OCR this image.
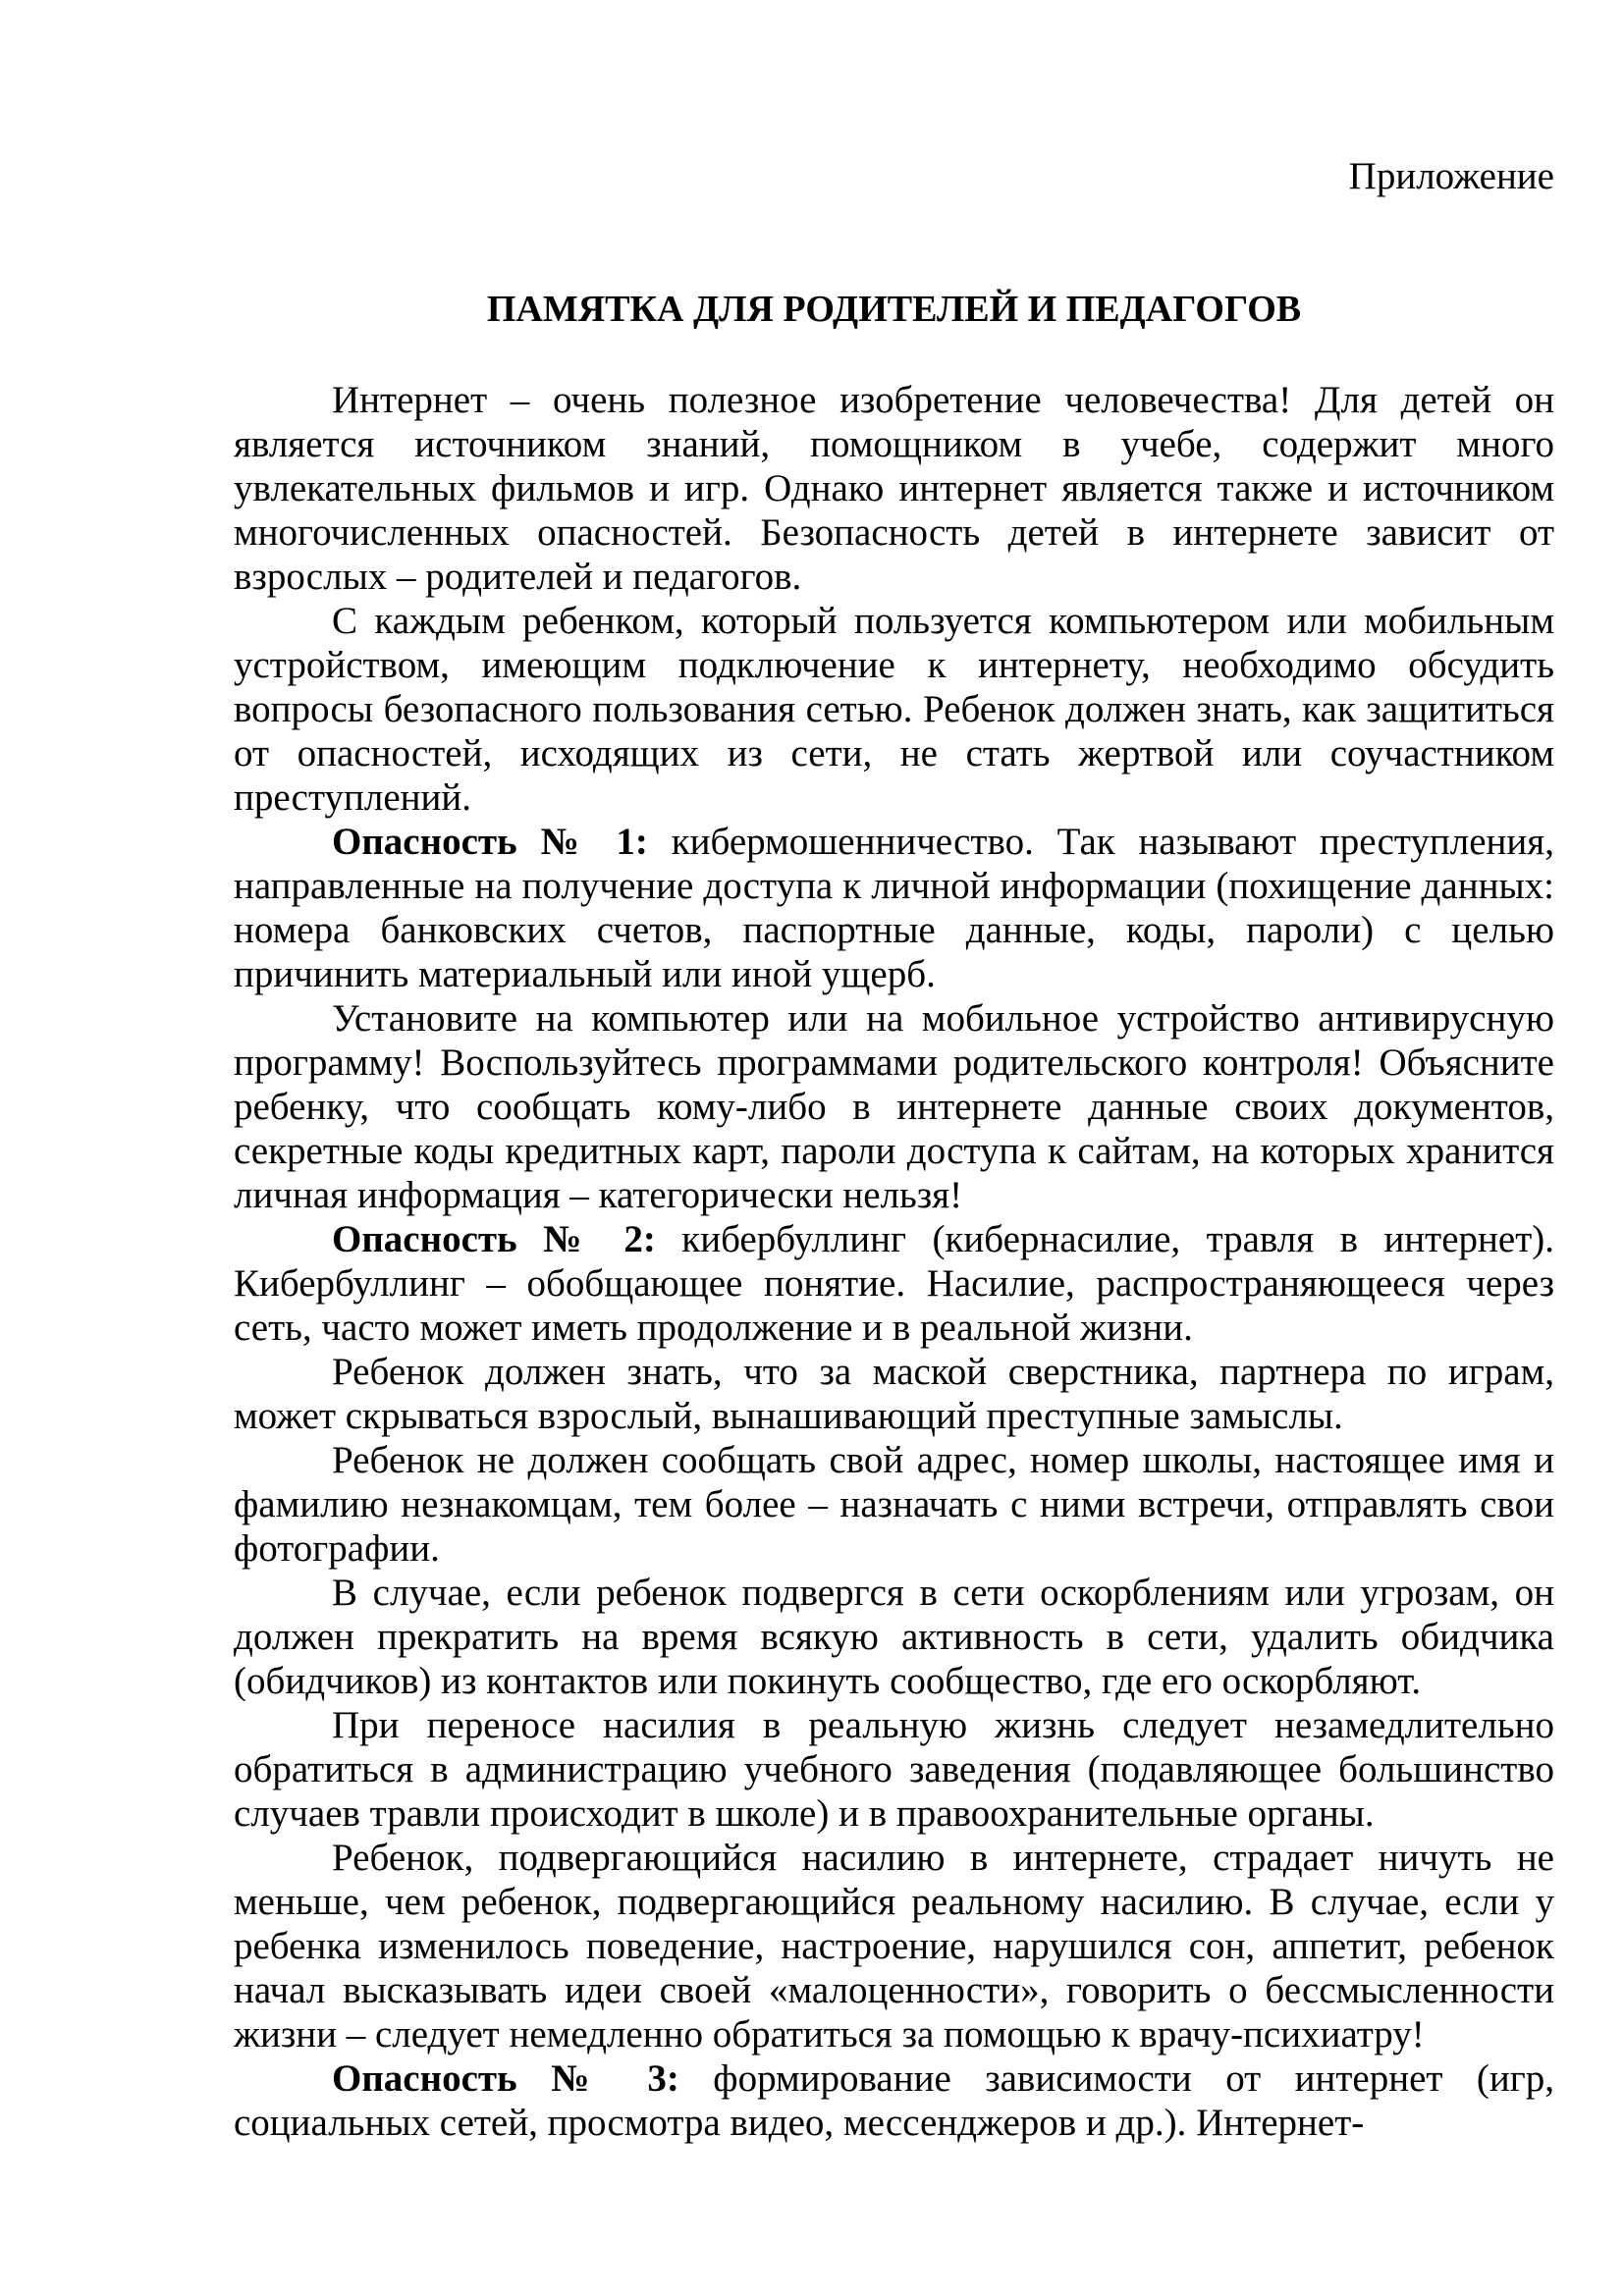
Приложение

ПАМЯТКА ДЛЯ РОДИТЕЛЕЙ И ПЕДАГОГОВ

Интернет – очень полезное изобретение человечества! Для детей он является источником знаний, помощником в учебе, содержит много увлекательных фильмов и игр. Однако интернет является также и источником многочисленных опасностей. Безопасность детей в интернете зависит от взрослых – родителей и педагогов.

С каждым ребенком, который пользуется компьютером или мобильным устройством, имеющим подключение к интернету, необходимо обсудить вопросы безопасного пользования сетью. Ребенок должен знать, как защититься от опасностей, исходящих из сети, не стать жертвой или соучастником преступлений.

Опасность № 1: кибермошенничество. Так называют преступления, направленные на получение доступа к личной информации (похищение данных: номера банковских счетов, паспортные данные, коды, пароли) с целью причинить материальный или иной ущерб.

Установите на компьютер или на мобильное устройство антивирусную программу! Воспользуйтесь программами родительского контроля! Объясните ребенку, что сообщать кому-либо в интернете данные своих документов, секретные коды кредитных карт, пароли доступа к сайтам, на которых хранится личная информация – категорически нельзя!

Опасность № 2: кибербуллинг (кибернасилие, травля в интернет). Кибербуллинг – обобщающее понятие. Насилие, распространяющееся через сеть, часто может иметь продолжение и в реальной жизни.

Ребенок должен знать, что за маской сверстника, партнера по играм, может скрываться взрослый, вынашивающий преступные замыслы.

Ребенок не должен сообщать свой адрес, номер школы, настоящее имя и фамилию незнакомцам, тем более – назначать с ними встречи, отправлять свои фотографии.

В случае, если ребенок подвергся в сети оскорблениям или угрозам, он должен прекратить на время всякую активность в сети, удалить обидчика (обидчиков) из контактов или покинуть сообщество, где его оскорбляют.

При переносе насилия в реальную жизнь следует незамедлительно обратиться в администрацию учебного заведения (подавляющее большинство случаев травли происходит в школе) и в правоохранительные органы.

Ребенок, подвергающийся насилию в интернете, страдает ничуть не меньше, чем ребенок, подвергающийся реальному насилию. В случае, если у ребенка изменилось поведение, настроение, нарушился сон, аппетит, ребенок начал высказывать идеи своей «малоценности», говорить о бессмысленности жизни – следует немедленно обратиться за помощью к врачу-психиатру!

Опасность № 3: формирование зависимости от интернет (игр, социальных сетей, просмотра видео, мессенджеров и др.). Интернет-
